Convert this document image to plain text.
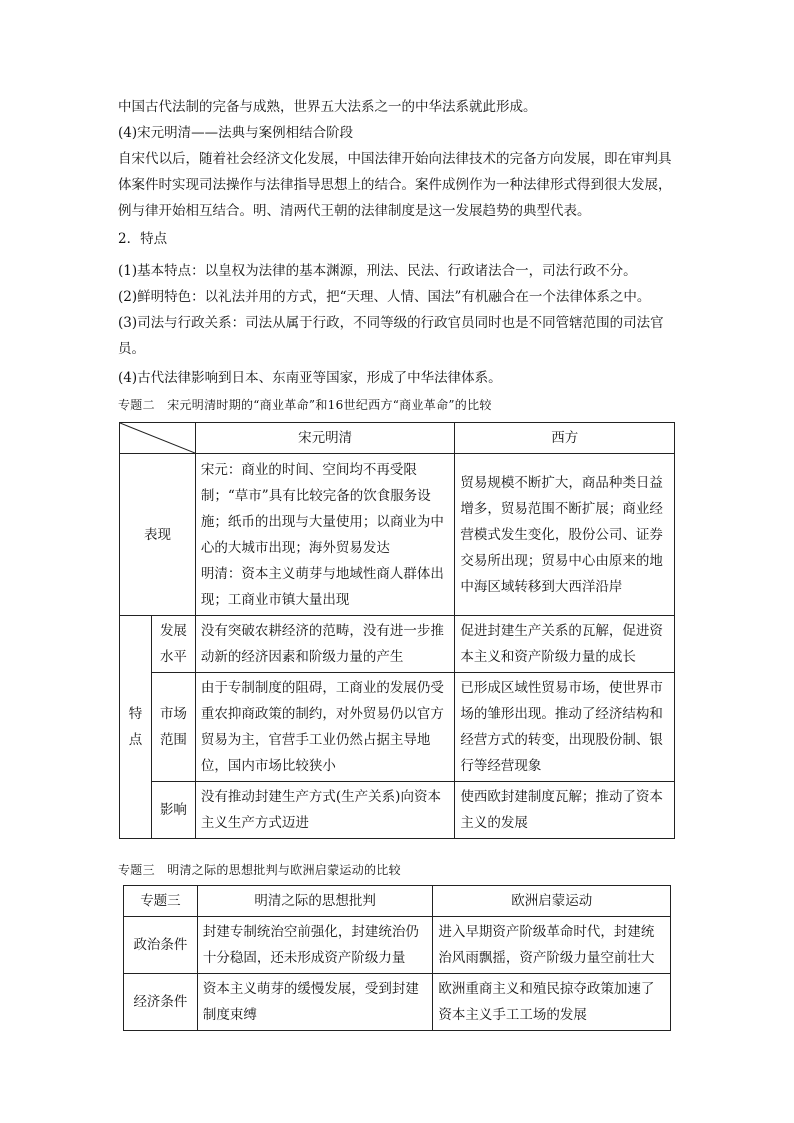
中国古代法制的完备与成熟，世界五大法系之一的中华法系就此形成。

(4)宋元明清——法典与案例相结合阶段

自宋代以后，随着社会经济文化发展，中国法律开始向法律技术的完备方向发展，即在审判具体案件时实现司法操作与法律指导思想上的结合。案件成例作为一种法律形式得到很大发展，例与律开始相互结合。明、清两代王朝的法律制度是这一发展趋势的典型代表。

2．特点

(1)基本特点：以皇权为法律的基本渊源，刑法、民法、行政诸法合一，司法行政不分。

(2)鲜明特色：以礼法并用的方式，把“天理、人情、国法”有机融合在一个法律体系之中。

(3)司法与行政关系：司法从属于行政，不同等级的行政官员同时也是不同管辖范围的司法官员。

(4)古代法律影响到日本、东南亚等国家，形成了中华法律体系。

专题二　宋元明清时期的“商业革命”和16世纪西方“商业革命”的比较

	宋元明清	西方
表现		宋元：商业的时间、空间均不再受限制；“草市”具有比较完备的饮食服务设施；纸币的出现与大量使用；以商业为中心的大城市出现；海外贸易发达
明清：资本主义萌芽与地域性商人群体出现；工商业市镇大量出现	贸易规模不断扩大，商品种类日益增多，贸易范围不断扩展；商业经营模式发生变化，股份公司、证券交易所出现；贸易中心由原来的地中海区域转移到大西洋沿岸

特
点	发展
水平	没有突破农耕经济的范畴，没有进一步推动新的经济因素和阶级力量的产生	促进封建生产关系的瓦解，促进资本主义和资产阶级力量的成长

	市场
范围	由于专制制度的阻碍，工商业的发展仍受重农抑商政策的制约，对外贸易仍以官方贸易为主，官营手工业仍然占据主导地位，国内市场比较狭小	已形成区域性贸易市场，使世界市场的雏形出现。推动了经济结构和经营方式的转变，出现股份制、银行等经营现象
	影响	没有推动封建生产方式(生产关系)向资本主义生产方式迈进	使西欧封建制度瓦解；推动了资本主义的发展

专题三　明清之际的思想批判与欧洲启蒙运动的比较

专题三	明清之际的思想批判	欧洲启蒙运动
政治条件	封建专制统治空前强化，封建统治仍十分稳固，还未形成资产阶级力量	进入早期资产阶级革命时代，封建统治风雨飘摇，资产阶级力量空前壮大
经济条件	资本主义萌芽的缓慢发展，受到封建制度束缚	欧洲重商主义和殖民掠夺政策加速了资本主义手工工场的发展
